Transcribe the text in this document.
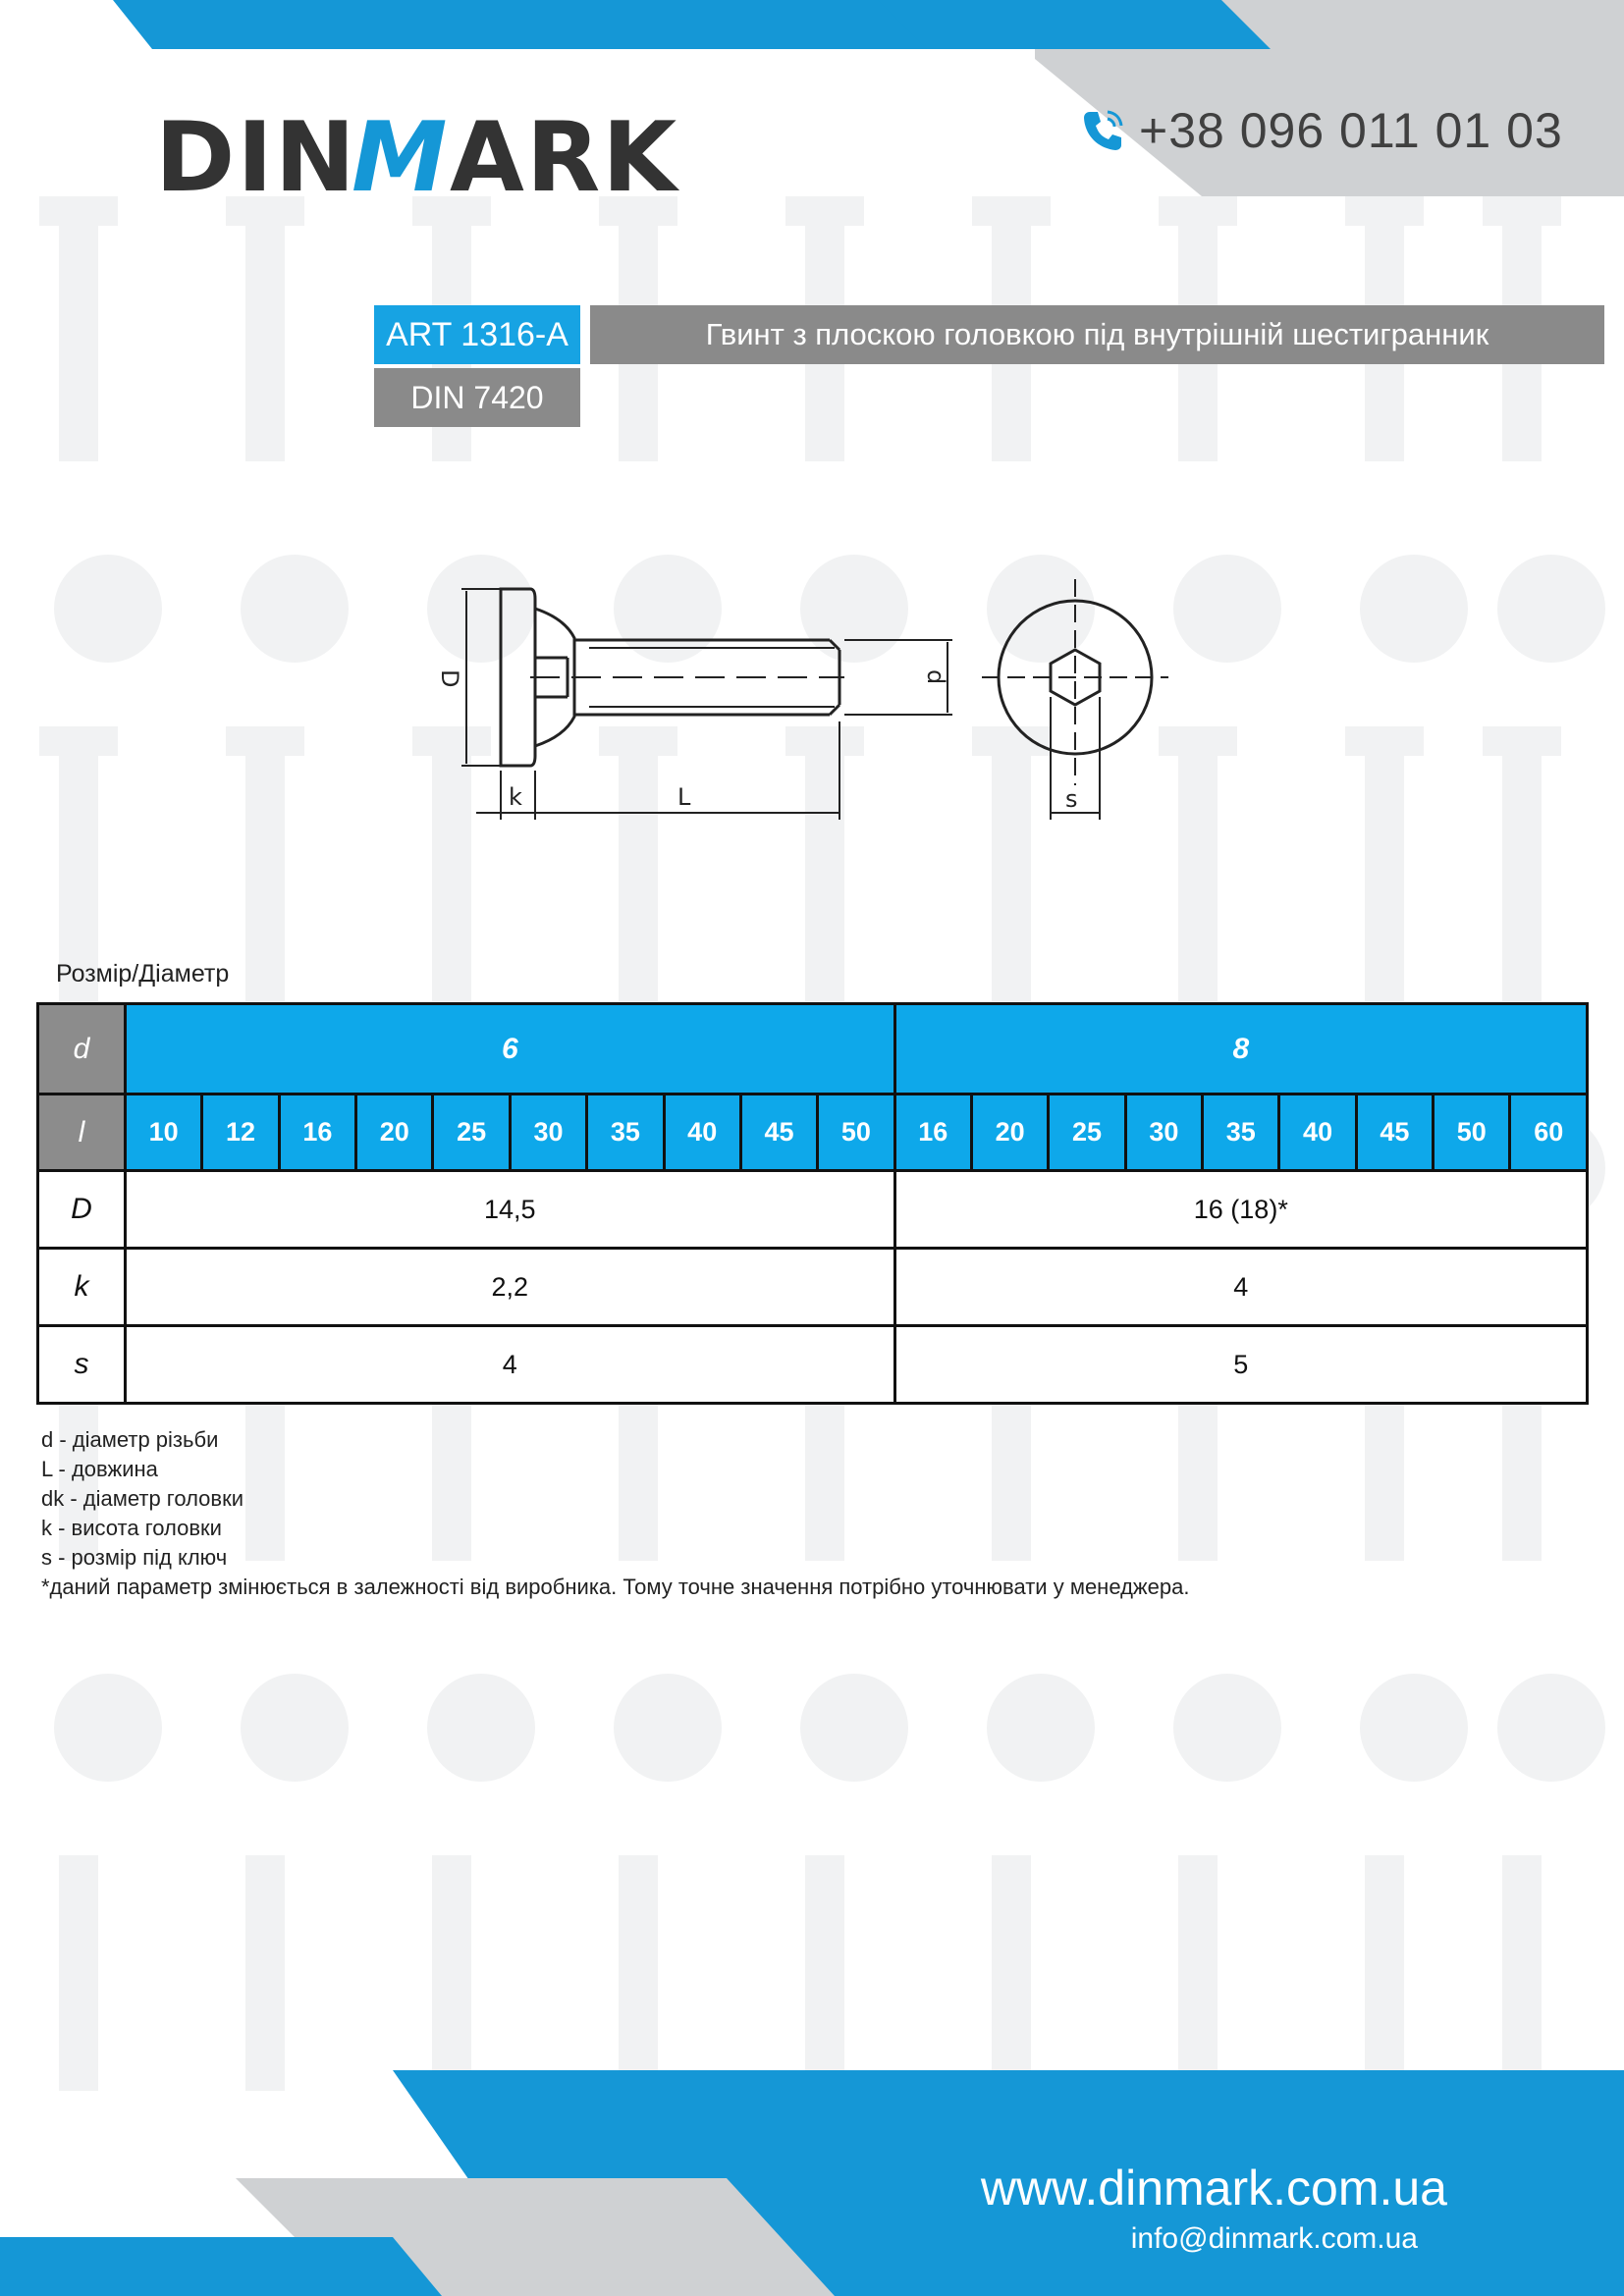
DIN
M ARK	+38 096 011 01 03
ART 1316-A	Гвинт з плоскою головкою під внутрішній шестигранник
DIN 7420
D	d
k	L	s
Розмір/Діаметр
d	6										8								
l	10	12	16	20	25	30	35	40	45	50	16	20	25	30	35	40	45	50	60
D	14,5										16 (18)*								
k	2,2										4								
s	4										5								
d - діаметр різьби
L - довжина
dk - діаметр головки
k - висота головки
s - розмір під ключ
*даний параметр змінюється в залежності від виробника. Тому точне значення потрібно уточнювати у менеджера.
www.dinmark.com.ua
info@dinmark.com.ua
